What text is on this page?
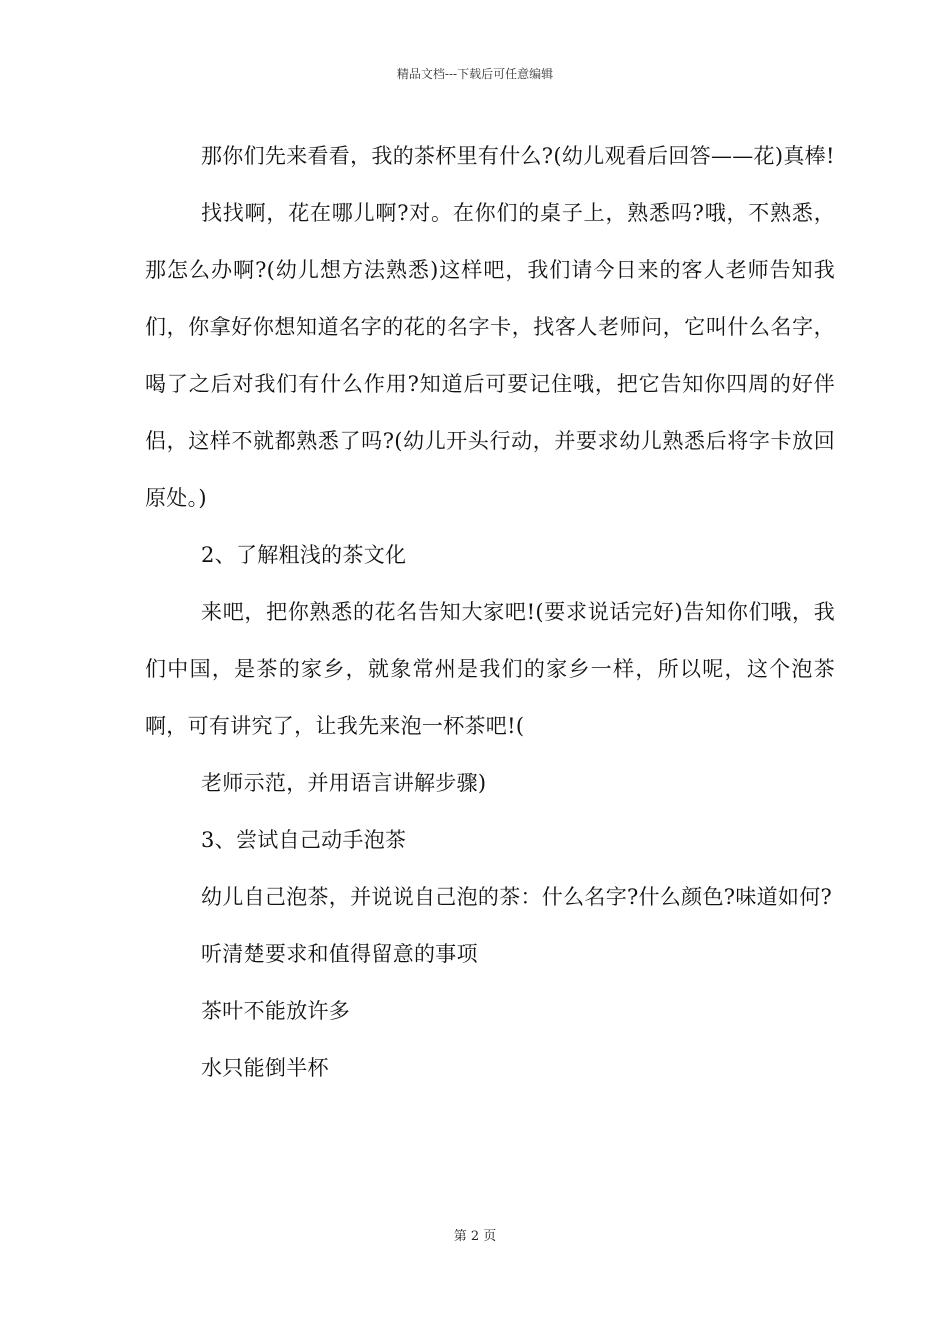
精品文档---下载后可任意编辑

那你们先来看看，我的茶杯里有什么?(幼儿观看后回答——花)真棒!

找找啊，花在哪儿啊?对。在你们的桌子上，熟悉吗?哦，不熟悉，那怎么办啊?(幼儿想方法熟悉)这样吧，我们请今日来的客人老师告知我们，你拿好你想知道名字的花的名字卡，找客人老师问，它叫什么名字，喝了之后对我们有什么作用?知道后可要记住哦，把它告知你四周的好伴侣，这样不就都熟悉了吗?(幼儿开头行动，并要求幼儿熟悉后将字卡放回原处。)

2、了解粗浅的茶文化

来吧，把你熟悉的花名告知大家吧!(要求说话完好)告知你们哦，我们中国，是茶的家乡，就象常州是我们的家乡一样，所以呢，这个泡茶啊，可有讲究了，让我先来泡一杯茶吧!(

老师示范，并用语言讲解步骤)

3、尝试自己动手泡茶

幼儿自己泡茶，并说说自己泡的茶：什么名字?什么颜色?味道如何?

听清楚要求和值得留意的事项

茶叶不能放许多

水只能倒半杯

第 2 页
